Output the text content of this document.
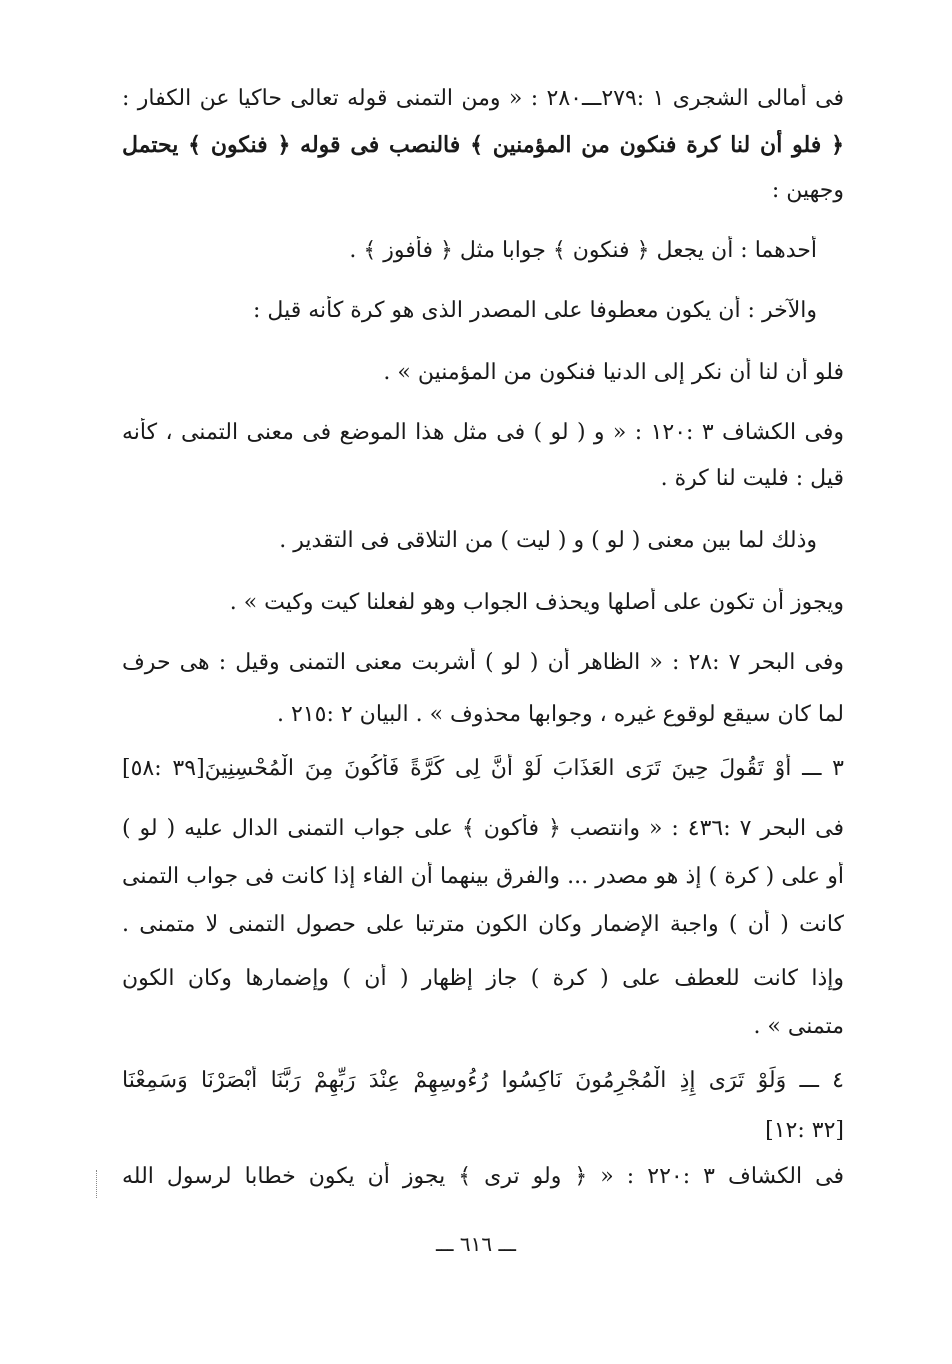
فى أمالى الشجرى ١ :٢٧٩ـــ٢٨٠ : « ومن التمنى قوله تعالى حاكيا عن الكفار :
﴿ فلو أن لنا كرة فنكون من المؤمنين ﴾ فالنصب فى قوله ﴿ فنكون ﴾ يحتمل
وجهين :
أحدهما : أن يجعل ﴿ فنكون ﴾ جوابا مثل ﴿ فأفوز ﴾ .
والآخر : أن يكون معطوفا على المصدر الذى هو كرة كأنه قيل :
فلو أن لنا أن نكر إلى الدنيا فنكون من المؤمنين » .
وفى الكشاف ٣ :١٢٠ : « و ( لو ) فى مثل هذا الموضع فى معنى التمنى ، كأنه
قيل : فليت لنا كرة .
وذلك لما بين معنى ( لو ) و ( ليت ) من التلاقى فى التقدير .
ويجوز أن تكون على أصلها ويحذف الجواب وهو لفعلنا كيت وكيت » .
وفى البحر ٧ :٢٨ : « الظاهر أن ( لو ) أشربت معنى التمنى وقيل : هى حرف
لما كان سيقع لوقوع غيره ، وجوابها محذوف » . البيان ٢ :٢١٥ .
٣ ـــ أَوْ تَقُولَ حِينَ تَرَى العَذَابَ لَوْ أَنَّ لِى كَرَّةً فَأَكُونَ مِنَ الْمُحْسِنِينَ[٣٩ :٥٨]
فى البحر ٧ :٤٣٦ : « وانتصب ﴿ فأكون ﴾ على جواب التمنى الدال عليه ( لو )
أو على ( كرة ) إذ هو مصدر ... والفرق بينهما أن الفاء إذا كانت فى جواب التمنى
كانت ( أن ) واجبة الإضمار وكان الكون مترتبا على حصول التمنى لا متمنى .
وإذا كانت للعطف على ( كرة ) جاز إظهار ( أن ) وإضمارها وكان الكون
متمنى » .
٤ ـــ وَلَوْ تَرَى إِذِ الْمُجْرِمُونَ نَاكِسُوا رُءُوسِهِمْ عِنْدَ رَبِّهِمْ رَبَّنَا أَبْصَرْنَا وَسَمِعْنَا
[٣٢ :١٢]
فى الكشاف ٣ :٢٢٠ : « ﴿ ولو ترى ﴾ يجوز أن يكون خطابا لرسول الله
ـــ ٦١٦ ـــ
